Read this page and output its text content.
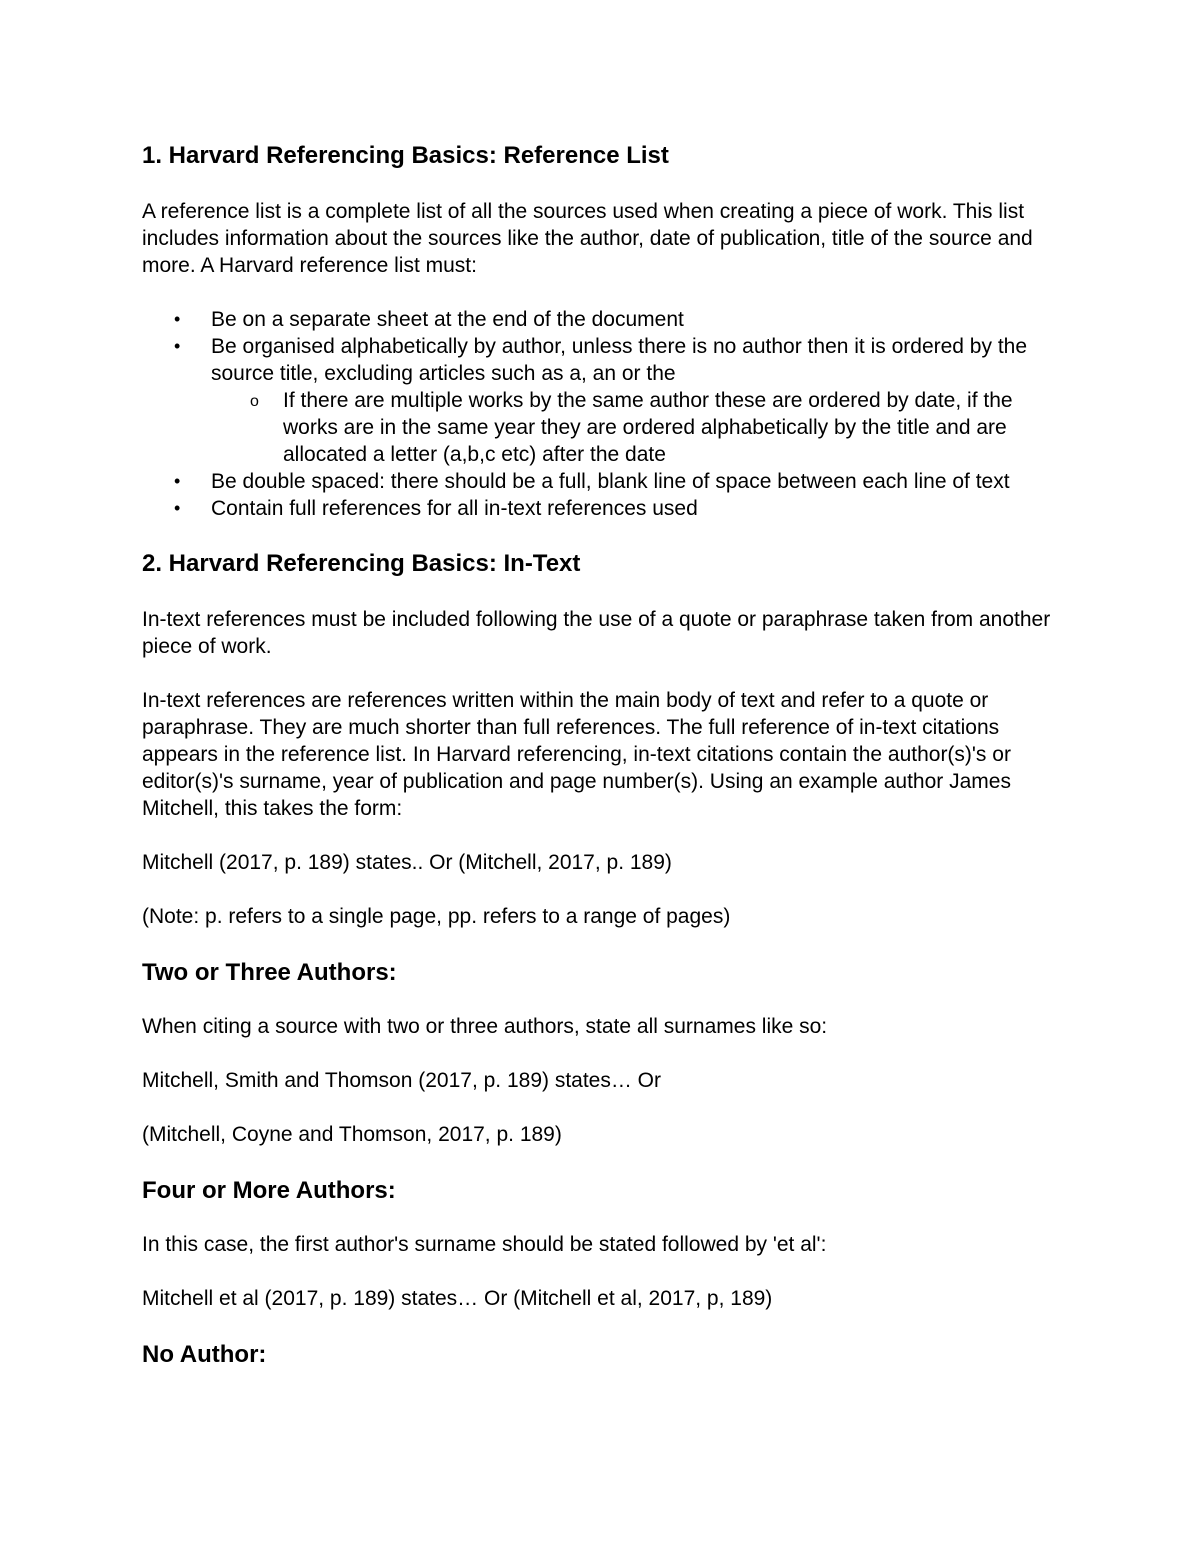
1. Harvard Referencing Basics: Reference List

A reference list is a complete list of all the sources used when creating a piece of work. This list includes information about the sources like the author, date of publication, title of the source and more. A Harvard reference list must:

• Be on a separate sheet at the end of the document
• Be organised alphabetically by author, unless there is no author then it is ordered by the source title, excluding articles such as a, an or the
o If there are multiple works by the same author these are ordered by date, if the works are in the same year they are ordered alphabetically by the title and are allocated a letter (a,b,c etc) after the date
• Be double spaced: there should be a full, blank line of space between each line of text
• Contain full references for all in-text references used
2. Harvard Referencing Basics: In-Text

In-text references must be included following the use of a quote or paraphrase taken from another piece of work.

In-text references are references written within the main body of text and refer to a quote or paraphrase. They are much shorter than full references. The full reference of in-text citations appears in the reference list. In Harvard referencing, in-text citations contain the author(s)'s or editor(s)'s surname, year of publication and page number(s). Using an example author James Mitchell, this takes the form:

Mitchell (2017, p. 189) states.. Or (Mitchell, 2017, p. 189)

(Note: p. refers to a single page, pp. refers to a range of pages)

Two or Three Authors:

When citing a source with two or three authors, state all surnames like so:

Mitchell, Smith and Thomson (2017, p. 189) states… Or

(Mitchell, Coyne and Thomson, 2017, p. 189)

Four or More Authors:

In this case, the first author's surname should be stated followed by 'et al':

Mitchell et al (2017, p. 189) states… Or (Mitchell et al, 2017, p, 189)

No Author:
